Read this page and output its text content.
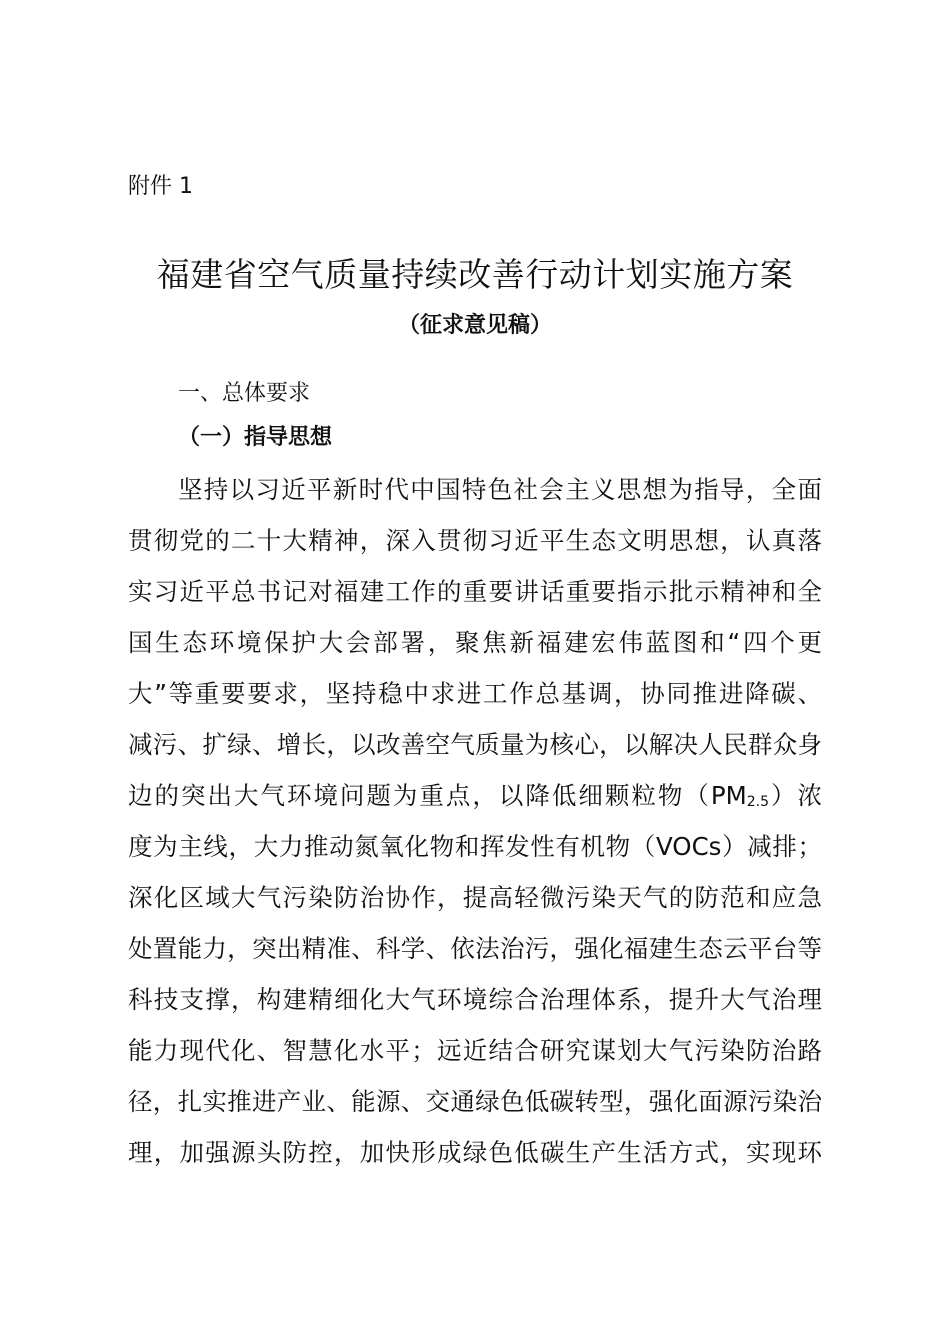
附件 1

福建省空气质量持续改善行动计划实施方案

（征求意见稿）

一、总体要求
（一）指导思想
坚持以习近平新时代中国特色社会主义思想为指导，全面
贯彻党的二十大精神，深入贯彻习近平生态文明思想，认真落
实习近平总书记对福建工作的重要讲话重要指示批示精神和全
国生态环境保护大会部署，聚焦新福建宏伟蓝图和“四个更
大”等重要要求，坚持稳中求进工作总基调，协同推进降碳、
减污、扩绿、增长，以改善空气质量为核心，以解决人民群众身
边的突出大气环境问题为重点，以降低细颗粒物$(PM_{2.5})$浓
度为主线，大力推动氮氧化物和挥发性有机物（VOCs）减排；
深化区域大气污染防治协作，提高轻微污染天气的防范和应急
处置能力，突出精准、科学、依法治污，强化福建生态云平台等
科技支撑，构建精细化大气环境综合治理体系，提升大气治理
能力现代化、智慧化水平；远近结合研究谋划大气污染防治路
径，扎实推进产业、能源、交通绿色低碳转型，强化面源污染治
理，加强源头防控，加快形成绿色低碳生产生活方式，实现环
